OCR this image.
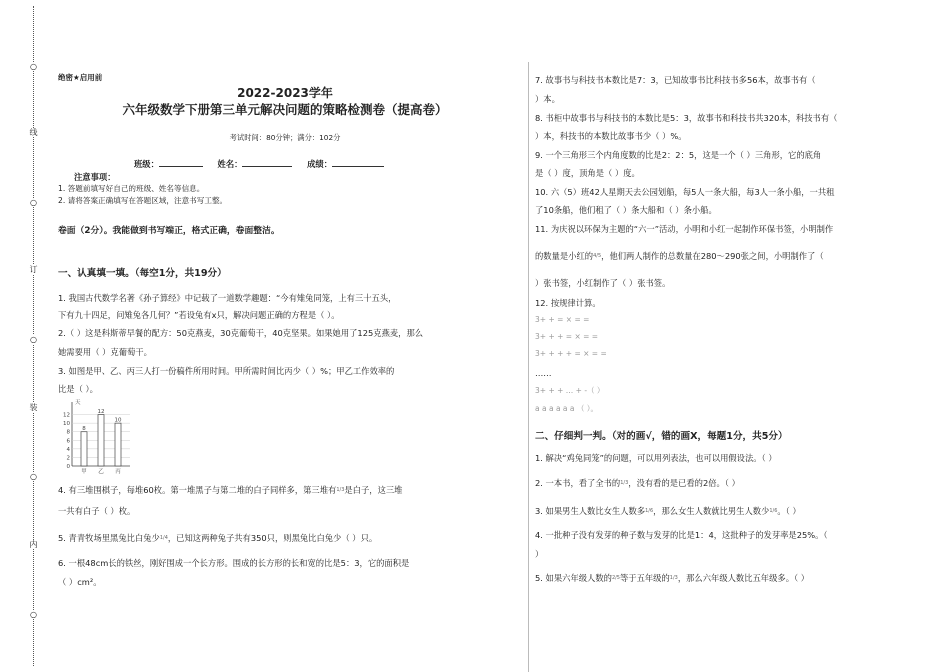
○
线
○
订
○
装
○
内
○
绝密★启用前
2022-2023学年
六年级数学下册第三单元解决问题的策略检测卷（提高卷）
考试时间：80分钟；满分：102分
班级：	姓名：	成绩：
注意事项：
1. 答题前填写好自己的班级、姓名等信息。
2. 请将答案正确填写在答题区域，注意书写工整。
卷面（2分）。我能做到书写端正，格式正确，卷面整洁。
一、认真填一填。（每空1分，共19分）
1. 我国古代数学名著《孙子算经》中记载了一道数学趣题：“今有雉兔同笼，上有三十五头，
下有九十四足，问雉兔各几何？”若设兔有x只，解决问题正确的方程是（ ）。
2.（ ）这是科斯蒂早餐的配方：50克燕麦，30克葡萄干，40克坚果。如果她用了125克燕麦，那么
她需要用（ ）克葡萄干。
3. 如图是甲、乙、丙三人打一份稿件所用时间。甲所需时间比丙少（ ）%；甲乙工作效率的
比是（ ）。
天
0
2
4
6
8
10
12
8
甲
12
乙
10
丙
4. 有三堆围棋子，每堆60枚。第一堆黑子与第二堆的白子同样多，第三堆有1/3是白子，这三堆
一共有白子（ ）枚。
5. 青青牧场里黑兔比白兔少1/4，已知这两种兔子共有350只，则黑兔比白兔少（ ）只。
6. 一根48cm长的铁丝，刚好围成一个长方形。围成的长方形的长和宽的比是5：3，它的面积是
（ ）cm²。
7. 故事书与科技书本数比是7：3，已知故事书比科技书多56本，故事书有（
）本。
8. 书柜中故事书与科技书的本数比是5：3，故事书和科技书共320本，科技书有（
）本，科技书的本数比故事书少（ ）%。
9. 一个三角形三个内角度数的比是2：2：5，这是一个（ ）三角形，它的底角
是（ ）度，顶角是（ ）度。
10. 六（5）班42人星期天去公园划船，每5人一条大船，每3人一条小船，一共租
了10条船，他们租了（ ）条大船和（ ）条小船。
11. 为庆祝以环保为主题的“六一”活动，小明和小红一起制作环保书签，小明制作
的数量是小红的4/5，他们两人制作的总数量在280～290张之间，小明制作了（
）张书签，小红制作了（ ）张书签。
12. 按规律计算。
3+ + = × = =
3+ + + = × = =
3+ + + + = × = =
……
3+ + + … + -（ ）
a a a a a a （ ）。
二、仔细判一判。（对的画√，错的画X，每题1分，共5分）
1. 解决“鸡兔同笼”的问题，可以用列表法，也可以用假设法。（ ）
2. 一本书，看了全书的1/3，没有看的是已看的2倍。（ ）
3. 如果男生人数比女生人数多1/6，那么女生人数就比男生人数少1/6。（ ）
4. 一批种子没有发芽的种子数与发芽的比是1：4，这批种子的发芽率是25%。（
）
5. 如果六年级人数的2/5等于五年级的1/3，那么六年级人数比五年级多。（ ）
